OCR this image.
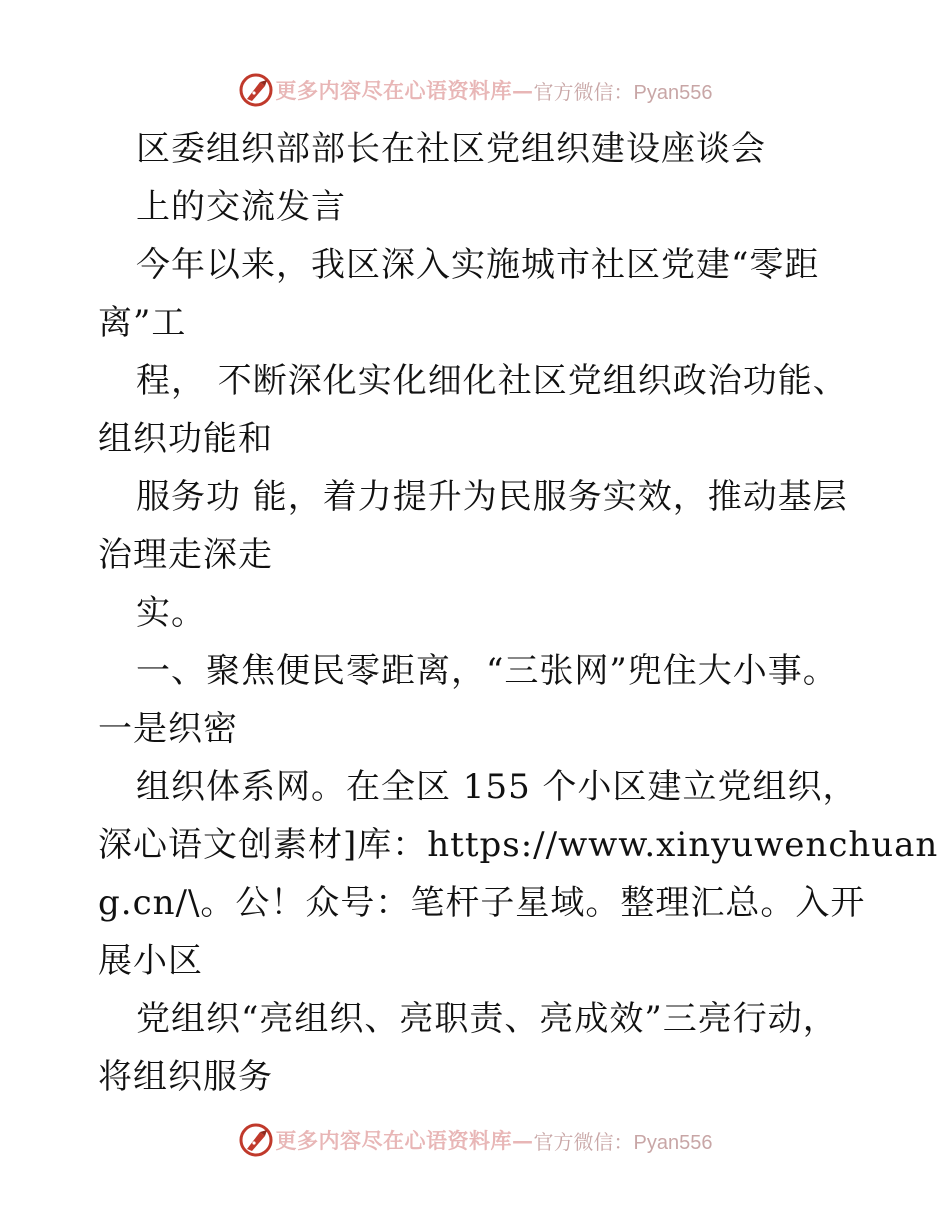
更多内容尽在心语资料库— 官方微信：Pyan556
区委组织部部长在社区党组织建设座谈会
上的交流发言
今年以来，我区深入实施城市社区党建“零距
离”工
程， 不断深化实化细化社区党组织政治功能、
组织功能和
服务功 能，着力提升为民服务实效，推动基层
治理走深走
实。
一、聚焦便民零距离，“三张网”兜住大小事。
一是织密
组织体系网。在全区 155 个小区建立党组织，
深心语文创素材]库：https://www.xinyuwenchuan
g.cn/\。公！众号：笔杆子星域。整理汇总。入开
展小区
党组织“亮组织、亮职责、亮成效”三亮行动，
将组织服务
更多内容尽在心语资料库— 官方微信：Pyan556
